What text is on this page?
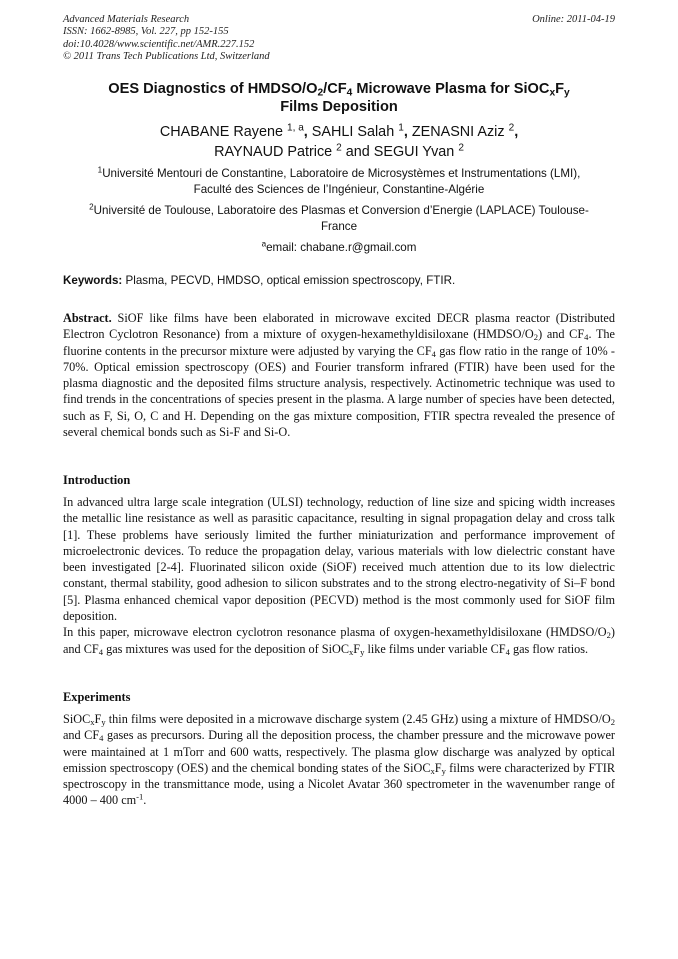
Advanced Materials Research
ISSN: 1662-8985, Vol. 227, pp 152-155
doi:10.4028/www.scientific.net/AMR.227.152
© 2011 Trans Tech Publications Ltd, Switzerland
Online: 2011-04-19
OES Diagnostics of HMDSO/$O_2/CF_4$ Microwave Plasma for $SiOC_xF_y$
Films Deposition
CHABANE Rayene $^{1, a}$, SAHLI Salah $^1$, ZENASNI Aziz $^2$,
RAYNAUD Patrice $^2$ and SEGUI Yvan $^2$
$^1$Université Mentouri de Constantine, Laboratoire de Microsystèmes et Instrumentations (LMI),
Faculté des Sciences de l’Ingénieur, Constantine-Algérie
$^2$Université de Toulouse, Laboratoire des Plasmas et Conversion d’Energie (LAPLACE) Toulouse-
France
$^a$email: chabane.r@gmail.com
Keywords: Plasma, PECVD, HMDSO, optical emission spectroscopy, FTIR.
Abstract. SiOF like films have been elaborated in microwave excited DECR plasma reactor (Distributed Electron Cyclotron Resonance) from a mixture of oxygen-hexamethyldisiloxane $(HMDSO/O_2)$ and $CF_4$. The fluorine contents in the precursor mixture were adjusted by varying the $CF_4$ gas flow ratio in the range of 10% - 70%. Optical emission spectroscopy (OES) and Fourier transform infrared (FTIR) have been used for the plasma diagnostic and the deposited films structure analysis, respectively. Actinometric technique was used to find trends in the concentrations of species present in the plasma. A large number of species have been detected, such as F, Si, O, C and H. Depending on the gas mixture composition, FTIR spectra revealed the presence of several chemical bonds such as Si-F and Si-O.
Introduction
In advanced ultra large scale integration (ULSI) technology, reduction of line size and spicing width increases the metallic line resistance as well as parasitic capacitance, resulting in signal propagation delay and cross talk [1]. These problems have seriously limited the further miniaturization and performance improvement of microelectronic devices. To reduce the propagation delay, various materials with low dielectric constant have been investigated [2-4]. Fluorinated silicon oxide (SiOF) received much attention due to its low dielectric constant, thermal stability, good adhesion to silicon substrates and to the strong electro-negativity of Si–F bond [5]. Plasma enhanced chemical vapor deposition (PECVD) method is the most commonly used for SiOF film deposition.
In this paper, microwave electron cyclotron resonance plasma of oxygen-hexamethyldisiloxane $(HMDSO/O_2)$ and $CF_4$ gas mixtures was used for the deposition of $SiOC_xF_y$ like films under variable $CF_4$ gas flow ratios.
Experiments
$SiOC_xF_y$ thin films were deposited in a microwave discharge system (2.45 GHz) using a mixture of HMDSO/$O_2$ and $CF_4$ gases as precursors. During all the deposition process, the chamber pressure and the microwave power were maintained at 1 mTorr and 600 watts, respectively. The plasma glow discharge was analyzed by optical emission spectroscopy (OES) and the chemical bonding states of the $SiOC_xF_y$ films were characterized by FTIR spectroscopy in the transmittance mode, using a Nicolet Avatar 360 spectrometer in the wavenumber range of 4000 – 400 $cm^{-1}$.
